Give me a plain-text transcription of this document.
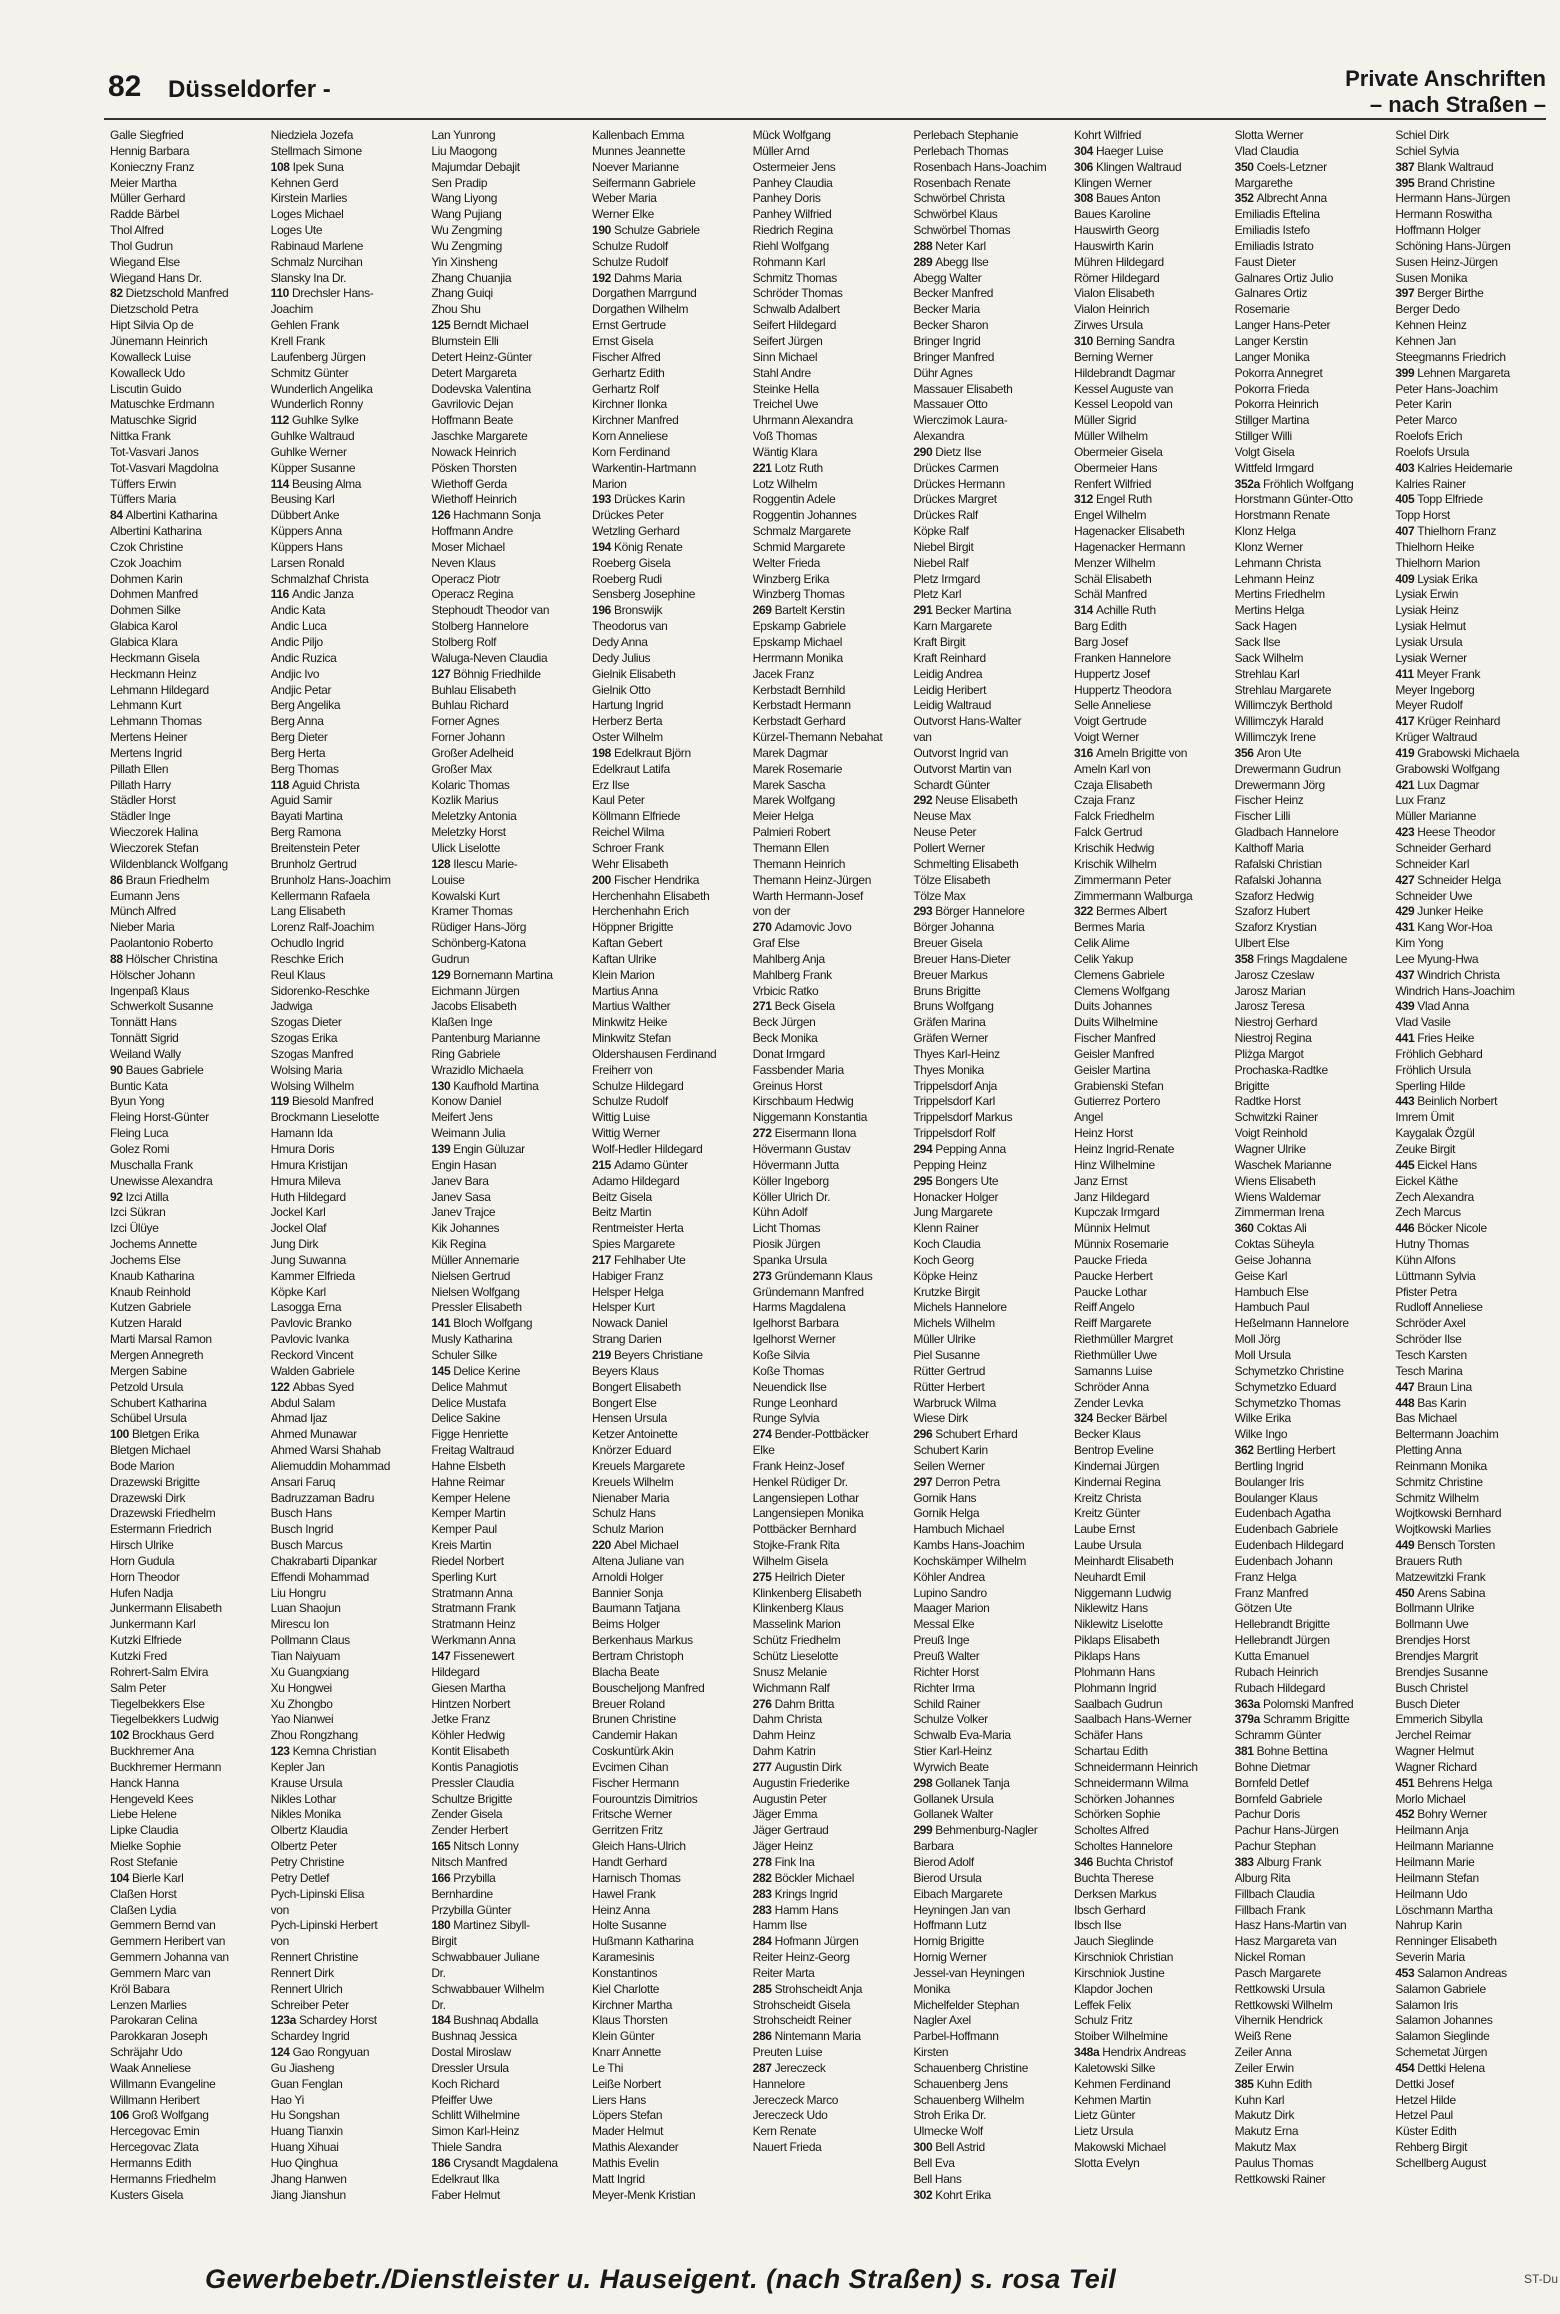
82 Düsseldorfer -	Private Anschriften
– nach Straßen –
Galle Siegfried
Hennig Barbara
Konieczny Franz
Meier Martha
Müller Gerhard
Radde Bärbel
Thol Alfred
Thol Gudrun
Wiegand Else
Wiegand Hans Dr.
82 Dietzschold Manfred
Dietzschold Petra
Hipt Silvia Op de
Jünemann Heinrich
Kowalleck Luise
Kowalleck Udo
Liscutin Guido
Matuschke Erdmann
Matuschke Sigrid
Nittka Frank
Tot-Vasvari Janos
Tot-Vasvari Magdolna
Tüffers Erwin
Tüffers Maria
84 Albertini Katharina
Albertini Katharina
Czok Christine
Czok Joachim
Dohmen Karin
Dohmen Manfred
Dohmen Silke
Glabica Karol
Glabica Klara
Heckmann Gisela
Heckmann Heinz
Lehmann Hildegard
Lehmann Kurt
Lehmann Thomas
Mertens Heiner
Mertens Ingrid
Pillath Ellen
Pillath Harry
Städler Horst
Städler Inge
Wieczorek Halina
Wieczorek Stefan
Wildenblanck Wolfgang
86 Braun Friedhelm
Eumann Jens
Münch Alfred
Nieber Maria
Paolantonio Roberto
88 Hölscher Christina
Hölscher Johann
Ingenpaß Klaus
Schwerkolt Susanne
Tonnätt Hans
Tonnätt Sigrid
Weiland Wally
90 Baues Gabriele
Buntic Kata
Byun Yong
Fleing Horst-Günter
Fleing Luca
Golez Romi
Muschalla Frank
Unewisse Alexandra
92 Izci Atilla
Izci Sükran
Izci Ülüye
Jochems Annette
Jochems Else
Knaub Katharina
Knaub Reinhold
Kutzen Gabriele
Kutzen Harald
Marti Marsal Ramon
Mergen Annegreth
Mergen Sabine
Petzold Ursula
Schubert Katharina
Schübel Ursula
100 Bletgen Erika
Bletgen Michael
Bode Marion
Drazewski Brigitte
Drazewski Dirk
Drazewski Friedhelm
Estermann Friedrich
Hirsch Ulrike
Horn Gudula
Horn Theodor
Hufen Nadja
Junkermann Elisabeth
Junkermann Karl
Kutzki Elfriede
Kutzki Fred
Rohrert-Salm Elvira
Salm Peter
Tiegelbekkers Else
Tiegelbekkers Ludwig
102 Brockhaus Gerd
Buckhremer Ana
Buckhremer Hermann
Hanck Hanna
Hengeveld Kees
Liebe Helene
Lipke Claudia
Mielke Sophie
Rost Stefanie
104 Bierle Karl
Claßen Horst
Claßen Lydia
Gemmern Bernd van
Gemmern Heribert van
Gemmern Johanna van
Gemmern Marc van
Kröl Babara
Lenzen Marlies
Parokaran Celina
Parokkaran Joseph
Schräjahr Udo
Waak Anneliese
Willmann Evangeline
Willmann Heribert
106 Groß Wolfgang
Hercegovac Emin
Hercegovac Zlata
Hermanns Edith
Hermanns Friedhelm
Kusters Gisela
Niedziela Jozefa
Stellmach Simone
108 Ipek Suna
Kehnen Gerd
Kirstein Marlies
Loges Michael
Loges Ute
Rabinaud Marlene
Schmalz Nurcihan
Slansky Ina Dr.
110 Drechsler Hans-
Joachim
Gehlen Frank
Krell Frank
Laufenberg Jürgen
Schmitz Günter
Wunderlich Angelika
Wunderlich Ronny
112 Guhlke Sylke
Guhlke Waltraud
Guhlke Werner
Küpper Susanne
114 Beusing Alma
Beusing Karl
Dübbert Anke
Küppers Anna
Küppers Hans
Larsen Ronald
Schmalzhaf Christa
116 Andic Janza
Andic Kata
Andic Luca
Andic Piljo
Andic Ruzica
Andjic Ivo
Andjic Petar
Berg Angelika
Berg Anna
Berg Dieter
Berg Herta
Berg Thomas
118 Aguid Christa
Aguid Samir
Bayati Martina
Berg Ramona
Breitenstein Peter
Brunholz Gertrud
Brunholz Hans-Joachim
Kellermann Rafaela
Lang Elisabeth
Lorenz Ralf-Joachim
Ochudlo Ingrid
Reschke Erich
Reul Klaus
Sidorenko-Reschke
Jadwiga
Szogas Dieter
Szogas Erika
Szogas Manfred
Wolsing Maria
Wolsing Wilhelm
119 Biesold Manfred
Brockmann Lieselotte
Hamann Ida
Hmura Doris
Hmura Kristijan
Hmura Mileva
Huth Hildegard
Jockel Karl
Jockel Olaf
Jung Dirk
Jung Suwanna
Kammer Elfrieda
Köpke Karl
Lasogga Erna
Pavlovic Branko
Pavlovic Ivanka
Reckord Vincent
Walden Gabriele
122 Abbas Syed
Abdul Salam
Ahmad Ijaz
Ahmed Munawar
Ahmed Warsi Shahab
Aliemuddin Mohammad
Ansari Faruq
Badruzzaman Badru
Busch Hans
Busch Ingrid
Busch Marcus
Chakrabarti Dipankar
Effendi Mohammad
Liu Hongru
Luan Shaojun
Mirescu Ion
Pollmann Claus
Tian Naiyuam
Xu Guangxiang
Xu Hongwei
Xu Zhongbo
Yao Nianwei
Zhou Rongzhang
123 Kemna Christian
Kepler Jan
Krause Ursula
Nikles Lothar
Nikles Monika
Olbertz Klaudia
Olbertz Peter
Petry Christine
Petry Detlef
Pych-Lipinski Elisa
von
Pych-Lipinski Herbert
von
Rennert Christine
Rennert Dirk
Rennert Ulrich
Schreiber Peter
123a Schardey Horst
Schardey Ingrid
124 Gao Rongyuan
Gu Jiasheng
Guan Fenglan
Hao Yi
Hu Songshan
Huang Tianxin
Huang Xihuai
Huo Qinghua
Jhang Hanwen
Jiang Jianshun
Lan Yunrong
Liu Maogong
Majumdar Debajit
Sen Pradip
Wang Liyong
Wang Pujiang
Wu Zengming
Wu Zengming
Yin Xinsheng
Zhang Chuanjia
Zhang Guiqi
Zhou Shu
125 Berndt Michael
Blumstein Elli
Detert Heinz-Günter
Detert Margareta
Dodevska Valentina
Gavrilovic Dejan
Hoffmann Beate
Jaschke Margarete
Nowack Heinrich
Pösken Thorsten
Wiethoff Gerda
Wiethoff Heinrich
126 Hachmann Sonja
Hoffmann Andre
Moser Michael
Neven Klaus
Operacz Piotr
Operacz Regina
Stephoudt Theodor van
Stolberg Hannelore
Stolberg Rolf
Waluga-Neven Claudia
127 Böhnig Friedhilde
Buhlau Elisabeth
Buhlau Richard
Forner Agnes
Forner Johann
Großer Adelheid
Großer Max
Kolaric Thomas
Kozlik Marius
Meletzky Antonia
Meletzky Horst
Ulick Liselotte
128 Ilescu Marie-
Louise
Kowalski Kurt
Kramer Thomas
Rüdiger Hans-Jörg
Schönberg-Katona
Gudrun
129 Bornemann Martina
Eichmann Jürgen
Jacobs Elisabeth
Klaßen Inge
Pantenburg Marianne
Ring Gabriele
Wrazidlo Michaela
130 Kaufhold Martina
Konow Daniel
Meifert Jens
Weimann Julia
139 Engin Güluzar
Engin Hasan
Janev Bara
Janev Sasa
Janev Trajce
Kik Johannes
Kik Regina
Müller Annemarie
Nielsen Gertrud
Nielsen Wolfgang
Pressler Elisabeth
141 Bloch Wolfgang
Musly Katharina
Schuler Silke
145 Delice Kerine
Delice Mahmut
Delice Mustafa
Delice Sakine
Figge Henriette
Freitag Waltraud
Hahne Elsbeth
Hahne Reimar
Kemper Helene
Kemper Martin
Kemper Paul
Kreis Martin
Riedel Norbert
Sperling Kurt
Stratmann Anna
Stratmann Frank
Stratmann Heinz
Werkmann Anna
147 Fissenewert
Hildegard
Giesen Martha
Hintzen Norbert
Jetke Franz
Köhler Hedwig
Kontit Elisabeth
Kontis Panagiotis
Pressler Claudia
Schultze Brigitte
Zender Gisela
Zender Herbert
165 Nitsch Lonny
Nitsch Manfred
166 Przybilla
Bernhardine
Przybilla Günter
180 Martinez Sibyll-
Birgit
Schwabbauer Juliane
Dr.
Schwabbauer Wilhelm
Dr.
184 Bushnaq Abdalla
Bushnaq Jessica
Dostal Miroslaw
Dressler Ursula
Koch Richard
Pfeiffer Uwe
Schlitt Wilhelmine
Simon Karl-Heinz
Thiele Sandra
186 Crysandt Magdalena
Edelkraut Ilka
Faber Helmut
Kallenbach Emma
Munnes Jeannette
Noever Marianne
Seifermann Gabriele
Weber Maria
Werner Elke
190 Schulze Gabriele
Schulze Rudolf
Schulze Rudolf
192 Dahms Maria
Dorgathen Marrgund
Dorgathen Wilhelm
Ernst Gertrude
Ernst Gisela
Fischer Alfred
Gerhartz Edith
Gerhartz Rolf
Kirchner Ilonka
Kirchner Manfred
Korn Anneliese
Korn Ferdinand
Warkentin-Hartmann
Marion
193 Drückes Karin
Drückes Peter
Wetzling Gerhard
194 König Renate
Roeberg Gisela
Roeberg Rudi
Sensberg Josephine
196 Bronswijk
Theodorus van
Dedy Anna
Dedy Julius
Gielnik Elisabeth
Gielnik Otto
Hartung Ingrid
Herberz Berta
Oster Wilhelm
198 Edelkraut Björn
Edelkraut Latifa
Erz Ilse
Kaul Peter
Köllmann Elfriede
Reichel Wilma
Schroer Frank
Wehr Elisabeth
200 Fischer Hendrika
Herchenhahn Elisabeth
Herchenhahn Erich
Höppner Brigitte
Kaftan Gebert
Kaftan Ulrike
Klein Marion
Martius Anna
Martius Walther
Minkwitz Heike
Minkwitz Stefan
Oldershausen Ferdinand
Freiherr von
Schulze Hildegard
Schulze Rudolf
Wittig Luise
Wittig Werner
Wolf-Hedler Hildegard
215 Adamo Günter
Adamo Hildegard
Beitz Gisela
Beitz Martin
Rentmeister Herta
Spies Margarete
217 Fehlhaber Ute
Habiger Franz
Helsper Helga
Helsper Kurt
Nowack Daniel
Strang Darien
219 Beyers Christiane
Beyers Klaus
Bongert Elisabeth
Bongert Else
Hensen Ursula
Ketzer Antoinette
Knörzer Eduard
Kreuels Margarete
Kreuels Wilhelm
Nienaber Maria
Schulz Hans
Schulz Marion
220 Abel Michael
Altena Juliane van
Arnoldi Holger
Bannier Sonja
Baumann Tatjana
Beims Holger
Berkenhaus Markus
Bertram Christoph
Blacha Beate
Bouscheljong Manfred
Breuer Roland
Brunen Christine
Candemir Hakan
Coskuntürk Akin
Evcimen Cihan
Fischer Hermann
Fourountzis Dimitrios
Fritsche Werner
Gerritzen Fritz
Gleich Hans-Ulrich
Handt Gerhard
Harnisch Thomas
Hawel Frank
Heinz Anna
Holte Susanne
Hußmann Katharina
Karamesinis
Konstantinos
Kiel Charlotte
Kirchner Martha
Klaus Thorsten
Klein Günter
Knarr Annette
Le Thi
Leiße Norbert
Liers Hans
Löpers Stefan
Mader Helmut
Mathis Alexander
Mathis Evelin
Matt Ingrid
Meyer-Menk Kristian
Mück Wolfgang
Müller Arnd
Ostermeier Jens
Panhey Claudia
Panhey Doris
Panhey Wilfried
Riedrich Regina
Riehl Wolfgang
Rohmann Karl
Schmitz Thomas
Schröder Thomas
Schwalb Adalbert
Seifert Hildegard
Seifert Jürgen
Sinn Michael
Stahl Andre
Steinke Hella
Treichel Uwe
Uhrmann Alexandra
Voß Thomas
Wäntig Klara
221 Lotz Ruth
Lotz Wilhelm
Roggentin Adele
Roggentin Johannes
Schmalz Margarete
Schmid Margarete
Welter Frieda
Winzberg Erika
Winzberg Thomas
269 Bartelt Kerstin
Epskamp Gabriele
Epskamp Michael
Herrmann Monika
Jacek Franz
Kerbstadt Bernhild
Kerbstadt Hermann
Kerbstadt Gerhard
Kürzel-Themann Nebahat
Marek Dagmar
Marek Rosemarie
Marek Sascha
Marek Wolfgang
Meier Helga
Palmieri Robert
Themann Ellen
Themann Heinrich
Themann Heinz-Jürgen
Warth Hermann-Josef
von der
270 Adamovic Jovo
Graf Else
Mahlberg Anja
Mahlberg Frank
Vrbicic Ratko
271 Beck Gisela
Beck Jürgen
Beck Monika
Donat Irmgard
Fassbender Maria
Greinus Horst
Kirschbaum Hedwig
Niggemann Konstantia
272 Eisermann Ilona
Hövermann Gustav
Hövermann Jutta
Köller Ingeborg
Köller Ulrich Dr.
Kühn Adolf
Licht Thomas
Piosik Jürgen
Spanka Ursula
273 Gründemann Klaus
Gründemann Manfred
Harms Magdalena
Igelhorst Barbara
Igelhorst Werner
Koße Silvia
Koße Thomas
Neuendick Ilse
Runge Leonhard
Runge Sylvia
274 Bender-Pottbäcker
Elke
Frank Heinz-Josef
Henkel Rüdiger Dr.
Langensiepen Lothar
Langensiepen Monika
Pottbäcker Bernhard
Stojke-Frank Rita
Wilhelm Gisela
275 Heilrich Dieter
Klinkenberg Elisabeth
Klinkenberg Klaus
Masselink Marion
Schütz Friedhelm
Schütz Lieselotte
Snusz Melanie
Wichmann Ralf
276 Dahm Britta
Dahm Christa
Dahm Heinz
Dahm Katrin
277 Augustin Dirk
Augustin Friederike
Augustin Peter
Jäger Emma
Jäger Gertraud
Jäger Heinz
278 Fink Ina
282 Böckler Michael
283 Krings Ingrid
283 Hamm Hans
Hamm Ilse
284 Hofmann Jürgen
Reiter Heinz-Georg
Reiter Marta
285 Strohscheidt Anja
Strohscheidt Gisela
Strohscheidt Reiner
286 Nintemann Maria
Preuten Luise
287 Jereczeck
Hannelore
Jereczeck Marco
Jereczeck Udo
Kern Renate
Nauert Frieda
Perlebach Stephanie
Perlebach Thomas
Rosenbach Hans-Joachim
Rosenbach Renate
Schwörbel Christa
Schwörbel Klaus
Schwörbel Thomas
288 Neter Karl
289 Abegg Ilse
Abegg Walter
Becker Manfred
Becker Maria
Becker Sharon
Bringer Ingrid
Bringer Manfred
Dühr Agnes
Massauer Elisabeth
Massauer Otto
Wierczimok Laura-
Alexandra
290 Dietz Ilse
Drückes Carmen
Drückes Hermann
Drückes Margret
Drückes Ralf
Köpke Ralf
Niebel Birgit
Niebel Ralf
Pletz Irmgard
Pletz Karl
291 Becker Martina
Karn Margarete
Kraft Birgit
Kraft Reinhard
Leidig Andrea
Leidig Heribert
Leidig Waltraud
Outvorst Hans-Walter
van
Outvorst Ingrid van
Outvorst Martin van
Schardt Günter
292 Neuse Elisabeth
Neuse Max
Neuse Peter
Pollert Werner
Schmelting Elisabeth
Tölze Elisabeth
Tölze Max
293 Börger Hannelore
Börger Johanna
Breuer Gisela
Breuer Hans-Dieter
Breuer Markus
Bruns Brigitte
Bruns Wolfgang
Gräfen Marina
Gräfen Werner
Thyes Karl-Heinz
Thyes Monika
Trippelsdorf Anja
Trippelsdorf Karl
Trippelsdorf Markus
Trippelsdorf Rolf
294 Pepping Anna
Pepping Heinz
295 Bongers Ute
Honacker Holger
Jung Margarete
Klenn Rainer
Koch Claudia
Koch Georg
Köpke Heinz
Krutzke Birgit
Michels Hannelore
Michels Wilhelm
Müller Ulrike
Piel Susanne
Rütter Gertrud
Rütter Herbert
Warbruck Wilma
Wiese Dirk
296 Schubert Erhard
Schubert Karin
Seilen Werner
297 Derron Petra
Gornik Hans
Gornik Helga
Hambuch Michael
Kambs Hans-Joachim
Kochskämper Wilhelm
Köhler Andrea
Lupino Sandro
Maager Marion
Messal Elke
Preuß Inge
Preuß Walter
Richter Horst
Richter Irma
Schild Rainer
Schulze Volker
Schwalb Eva-Maria
Stier Karl-Heinz
Wyrwich Beate
298 Gollanek Tanja
Gollanek Ursula
Gollanek Walter
299 Behmenburg-Nagler
Barbara
Bierod Adolf
Bierod Ursula
Eibach Margarete
Heyningen Jan van
Hoffmann Lutz
Hornig Brigitte
Hornig Werner
Jessel-van Heyningen
Monika
Michelfelder Stephan
Nagler Axel
Parbel-Hoffmann
Kirsten
Schauenberg Christine
Schauenberg Jens
Schauenberg Wilhelm
Stroh Erika Dr.
Ulmecke Wolf
300 Bell Astrid
Bell Eva
Bell Hans
302 Kohrt Erika
Kohrt Wilfried
304 Haeger Luise
306 Klingen Waltraud
Klingen Werner
308 Baues Anton
Baues Karoline
Hauswirth Georg
Hauswirth Karin
Mühren Hildegard
Römer Hildegard
Vialon Elisabeth
Vialon Heinrich
Zirwes Ursula
310 Berning Sandra
Berning Werner
Hildebrandt Dagmar
Kessel Auguste van
Kessel Leopold van
Müller Sigrid
Müller Wilhelm
Obermeier Gisela
Obermeier Hans
Renfert Wilfried
312 Engel Ruth
Engel Wilhelm
Hagenacker Elisabeth
Hagenacker Hermann
Menzer Wilhelm
Schäl Elisabeth
Schäl Manfred
314 Achille Ruth
Barg Edith
Barg Josef
Franken Hannelore
Huppertz Josef
Huppertz Theodora
Selle Anneliese
Voigt Gertrude
Voigt Werner
316 Ameln Brigitte von
Ameln Karl von
Czaja Elisabeth
Czaja Franz
Falck Friedhelm
Falck Gertrud
Krischik Hedwig
Krischik Wilhelm
Zimmermann Peter
Zimmermann Walburga
322 Bermes Albert
Bermes Maria
Celik Alime
Celik Yakup
Clemens Gabriele
Clemens Wolfgang
Duits Johannes
Duits Wilhelmine
Fischer Manfred
Geisler Manfred
Geisler Martina
Grabienski Stefan
Gutierrez Portero
Angel
Heinz Horst
Heinz Ingrid-Renate
Hinz Wilhelmine
Janz Ernst
Janz Hildegard
Kupczak Irmgard
Münnix Helmut
Münnix Rosemarie
Paucke Frieda
Paucke Herbert
Paucke Lothar
Reiff Angelo
Reiff Margarete
Riethmüller Margret
Riethmüller Uwe
Samanns Luise
Schröder Anna
Zender Levka
324 Becker Bärbel
Becker Klaus
Bentrop Eveline
Kindernai Jürgen
Kindernai Regina
Kreitz Christa
Kreitz Günter
Laube Ernst
Laube Ursula
Meinhardt Elisabeth
Neuhardt Emil
Niggemann Ludwig
Niklewitz Hans
Niklewitz Liselotte
Piklaps Elisabeth
Piklaps Hans
Plohmann Hans
Plohmann Ingrid
Saalbach Gudrun
Saalbach Hans-Werner
Schäfer Hans
Schartau Edith
Schneidermann Heinrich
Schneidermann Wilma
Schörken Johannes
Schörken Sophie
Scholtes Alfred
Scholtes Hannelore
346 Buchta Christof
Buchta Therese
Derksen Markus
Ibsch Gerhard
Ibsch Ilse
Jauch Sieglinde
Kirschniok Christian
Kirschniok Justine
Klapdor Jochen
Leffek Felix
Schulz Fritz
Stoiber Wilhelmine
348a Hendrix Andreas
Kaletowski Silke
Kehmen Ferdinand
Kehmen Martin
Lietz Günter
Lietz Ursula
Makowski Michael
Slotta Evelyn
Slotta Werner
Vlad Claudia
350 Coels-Letzner
Margarethe
352 Albrecht Anna
Emiliadis Eftelina
Emiliadis Istefo
Emiliadis Istrato
Faust Dieter
Galnares Ortiz Julio
Galnares Ortiz
Rosemarie
Langer Hans-Peter
Langer Kerstin
Langer Monika
Pokorra Annegret
Pokorra Frieda
Pokorra Heinrich
Stillger Martina
Stillger Willi
Volgt Gisela
Wittfeld Irmgard
352a Fröhlich Wolfgang
Horstmann Günter-Otto
Horstmann Renate
Klonz Helga
Klonz Werner
Lehmann Christa
Lehmann Heinz
Mertins Friedhelm
Mertins Helga
Sack Hagen
Sack Ilse
Sack Wilhelm
Strehlau Karl
Strehlau Margarete
Willimczyk Berthold
Willimczyk Harald
Willimczyk Irene
356 Aron Ute
Drewermann Gudrun
Drewermann Jörg
Fischer Heinz
Fischer Lilli
Gladbach Hannelore
Kalthoff Maria
Rafalski Christian
Rafalski Johanna
Szaforz Hedwig
Szaforz Hubert
Szaforz Krystian
Ulbert Else
358 Frings Magdalene
Jarosz Czeslaw
Jarosz Marian
Jarosz Teresa
Niestroj Gerhard
Niestroj Regina
Pliżga Margot
Prochaska-Radtke
Brigitte
Radtke Horst
Schwitzki Rainer
Voigt Reinhold
Wagner Ulrike
Waschek Marianne
Wiens Elisabeth
Wiens Waldemar
Zimmerman Irena
360 Coktas Ali
Coktas Süheyla
Geise Johanna
Geise Karl
Hambuch Else
Hambuch Paul
Heßelmann Hannelore
Moll Jörg
Moll Ursula
Schymetzko Christine
Schymetzko Eduard
Schymetzko Thomas
Wilke Erika
Wilke Ingo
362 Bertling Herbert
Bertling Ingrid
Boulanger Iris
Boulanger Klaus
Eudenbach Agatha
Eudenbach Gabriele
Eudenbach Hildegard
Eudenbach Johann
Franz Helga
Franz Manfred
Götzen Ute
Hellebrandt Brigitte
Hellebrandt Jürgen
Kutta Emanuel
Rubach Heinrich
Rubach Hildegard
363a Polomski Manfred
379a Schramm Brigitte
Schramm Günter
381 Bohne Bettina
Bohne Dietmar
Bornfeld Detlef
Bornfeld Gabriele
Pachur Doris
Pachur Hans-Jürgen
Pachur Stephan
383 Alburg Frank
Alburg Rita
Fillbach Claudia
Fillbach Frank
Hasz Hans-Martin van
Hasz Margareta van
Nickel Roman
Pasch Margarete
Rettkowski Ursula
Rettkowski Wilhelm
Vihernik Hendrick
Weiß Rene
Zeiler Anna
Zeiler Erwin
385 Kuhn Edith
Kuhn Karl
Makutz Dirk
Makutz Erna
Makutz Max
Paulus Thomas
Rettkowski Rainer
Schiel Dirk
Schiel Sylvia
387 Blank Waltraud
395 Brand Christine
Hermann Hans-Jürgen
Hermann Roswitha
Hoffmann Holger
Schöning Hans-Jürgen
Susen Heinz-Jürgen
Susen Monika
397 Berger Birthe
Berger Dedo
Kehnen Heinz
Kehnen Jan
Steegmanns Friedrich
399 Lehnen Margareta
Peter Hans-Joachim
Peter Karin
Peter Marco
Roelofs Erich
Roelofs Ursula
403 Kalries Heidemarie
Kalries Rainer
405 Topp Elfriede
Topp Horst
407 Thielhorn Franz
Thielhorn Heike
Thielhorn Marion
409 Lysiak Erika
Lysiak Erwin
Lysiak Heinz
Lysiak Helmut
Lysiak Ursula
Lysiak Werner
411 Meyer Frank
Meyer Ingeborg
Meyer Rudolf
417 Krüger Reinhard
Krüger Waltraud
419 Grabowski Michaela
Grabowski Wolfgang
421 Lux Dagmar
Lux Franz
Müller Marianne
423 Heese Theodor
Schneider Gerhard
Schneider Karl
427 Schneider Helga
Schneider Uwe
429 Junker Heike
431 Kang Wor-Hoa
Kim Yong
Lee Myung-Hwa
437 Windrich Christa
Windrich Hans-Joachim
439 Vlad Anna
Vlad Vasile
441 Fries Heike
Fröhlich Gebhard
Fröhlich Ursula
Sperling Hilde
443 Beinlich Norbert
Imrem Ümit
Kaygalak Özgül
Zeuke Birgit
445 Eickel Hans
Eickel Käthe
Zech Alexandra
Zech Marcus
446 Böcker Nicole
Hutny Thomas
Kühn Alfons
Lüttmann Sylvia
Pfister Petra
Rudloff Anneliese
Schröder Axel
Schröder Ilse
Tesch Karsten
Tesch Marina
447 Braun Lina
448 Bas Karin
Bas Michael
Beltermann Joachim
Pletting Anna
Reinmann Monika
Schmitz Christine
Schmitz Wilhelm
Wojtkowski Bernhard
Wojtkowski Marlies
449 Bensch Torsten
Brauers Ruth
Matzewitzki Frank
450 Arens Sabina
Bollmann Ulrike
Bollmann Uwe
Brendjes Horst
Brendjes Margrit
Brendjes Susanne
Busch Christel
Busch Dieter
Emmerich Sibylla
Jerchel Reimar
Wagner Helmut
Wagner Richard
451 Behrens Helga
Morlo Michael
452 Bohry Werner
Heilmann Anja
Heilmann Marianne
Heilmann Marie
Heilmann Stefan
Heilmann Udo
Löschmann Martha
Nahrup Karin
Renninger Elisabeth
Severin Maria
453 Salamon Andreas
Salamon Gabriele
Salamon Iris
Salamon Johannes
Salamon Sieglinde
Schemetat Jürgen
454 Dettki Helena
Dettki Josef
Hetzel Hilde
Hetzel Paul
Küster Edith
Rehberg Birgit
Schellberg August
Gewerbebetr./Dienstleister u. Hauseigent. (nach Straßen) s. rosa Teil	ST-Du
